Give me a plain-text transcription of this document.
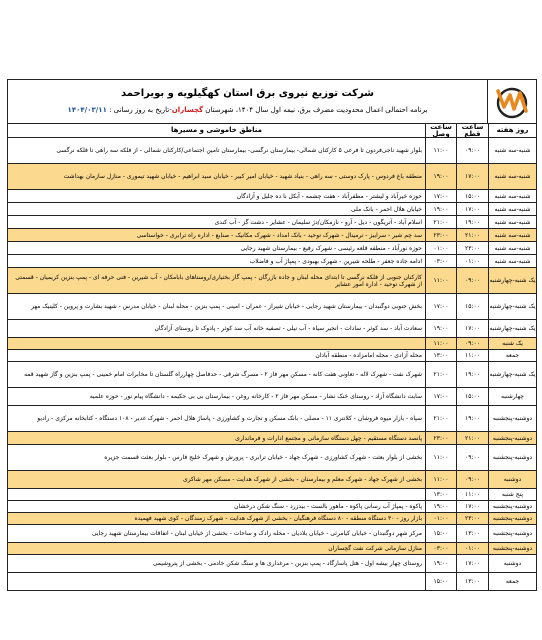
شرکت توزیع نیروی برق استان کهگیلویه و بویراحمد
برنامه احتمالی اعمال محدودیت مصرف برق، نیمه اول سال ۱۴۰۴، شهرستان گچساران-تاریخ به روز رسانی : ۱۴۰۴/۰۳/۱۱
روز هفته
ساعت قطع
ساعت وصل
مناطق خاموشی و مسیرها
شنبه-سه شنبه
۰۹:۰۰
۱۱:۰۰
بلوار شهید ناجی‌فردون تا فرعی ۵ کارکنان شمالی- بیمارستان نرگسی- بیمارستان تامین اجتماعی/کارکنان شمالی - از فلکه سه راهی تا فلکه نرگسی
شنبه-سه شنبه
۱۷:۰۰
۱۹:۰۰
منطقه باغ فردوس - پارک دوستی - سه راهی - بنیاد شهید - خیابان امیر کبیر - خیابان سید ابراهیم - خیابان شهید تیموری - منازل سازمان بهداشت
شنبه-سه شنبه
۱۵:۰۰
۱۷:۰۰
حوزه خیرآباد و لیشتر - مظفرآباد - هفت چشمه - آبکل نا ده جلیل و آزادگان
شنبه-سه شنبه
۱۷:۰۰
۱۹:۰۰
خیابان هلال احمر - بانک ملی
شنبه-سه شنبه
۱۹:۰۰
۲۱:۰۰
اسلام آباد - آتریگون - دیل - آرو - نازمکان/دژ سلیمان - عشایر - دشت گز - آب کندی
شنبه-سه شنبه
۲۱:۰۰
۲۳:۰۰
سد چم شیر - سرابیز - ترمینال - شهرک توحید - بانک امداد - شهرک مکانیک - صنایع - اداره راه ترابری - خواستاسی
شنبه-سه شنبه
۲۳:۰۰
۰۱:۰۰
حوزه نورآباد - منطقه قلعه رئیسی - شهرک رفیع - بیمارستان شهید رجایی
شنبه-سه شنبه
۰۱:۰۰
۰۳:۰۰
ادامه جاده جعفر - طلحه شیرین - شهرک بهبودی - پمپاژ آب و فاضلاب
یک شنبه-چهارشنبه
۰۹:۰۰
۱۱:۰۰
کارکنان جنوبی از فلکه نرگسی تا ابتدای محله لبنان و جاده بازرگان - پمپ گاز بختیاری/روستاهای بابامکان - آب شیرین - فنی حرفه ای - پمپ بنزین کریمیان - قسمتی از شهرک توحید - اداره امور عشایر
یک شنبه-چهارشنبه
۱۵:۰۰
۱۷:۰۰
بخش جنوبی دوگنبدان - بیمارستان شهید رجایی - خیابان شیراز - عمران - امینی - پمپ بنزین - محله لبنان - خیابان مدرس - شهید بشارت و پروین - کلینیک مهر
یک شنبه-چهارشنبه
۱۷:۰۰
۱۹:۰۰
سعادت آباد - سد کوثر - سادات - انجیر سیاه - آب نیلی - تصفیه خانه آب سد کوثر - پادوک تا روستای آزادگان
یک شنبه
۰۹:۰۰
۱۱:۰۰
جمعه
۱۱:۰۰
۱۳:۰۰
محله آزادی - محله امامزاده - منطقه آبادان
یک شنبه-چهارشنبه
۱۹:۰۰
۲۱:۰۰
شهرک نفت - شهرک لاله - تعاونی هفت کانه - مسکن مهر فاز ۲ - مسرگ شرقی - حدفاصل چهارراه گلستان تا مخابرات امام خمینی - پمپ بنزین و گاز شهید قمه
چهارشنبه
۱۵:۰۰
۱۷:۰۰
سایت دانشگاه آزاد - روستای خنک نشار - مسکن مهر فاز ۲ - کارخانه روغن - بیمارستان بی بی حکیمه - دانشگاه پیام نور - حوزه علمیه
دوشنبه-پنجشنبه
۱۹:۰۰
۲۱:۰۰
سپاه - بازار میوه فروشان - کلانتری ۱۱ - مصلی - بانک مسکن و تجارت و کشاورزی - پاساژ هلال احمر - شهرک غدیر - ۱۰۸ دستگاه - کتابخانه مرکزی - رادیو
دوشنبه-پنجشنبه
۲۱:۰۰
۲۳:۰۰
پانصد دستگاه مستقیم - چهل دستگاه سازمانی و مجتمع ادارات و فرمانداری
دوشنبه-پنجشنبه
۰۹:۰۰
۱۱:۰۰
بخشی از بلوار بعثت - شهرک کشاورزی - شهرک جهاد - خیابان ترابری - پرورش و شهرک خلیج فارس - بلوار بعثت قسمت جزیره
دوشنبه
۰۹:۰۰
۱۱:۰۰
بخشی از شهرک جهاد - شهرک معلم و بیمارستان - بخشی از شهرک هدایت - مسکن مهر شاکری
پنج شنبه
۱۱:۰۰
۱۳:۰۰
دوشنبه-پنجشنبه
۱۷:۰۰
۱۹:۰۰
پاکوه - پمپاژ آب رسانی پاکوه - ماهور بالست - بیدزرد - سنگ شکن درخشان
دوشنبه-پنجشنبه
۲۳:۰۰
۰۱:۰۰
بازار روز - ۳۰ دستگاه منطقه - ۸۰ دستگاه فرهنگیان - بخشی از شهرک هدایت - شهرک زمندگان - کوی شهید فهمیده
دوشنبه-پنجشنبه
۱۳:۰۰
۱۵:۰۰
مرکز شهر دوگنبدان - خیابان کیامرثی - خیابان بلادیان - محله رادک و ساحات - بخشی از خیابان لبنان - اتفاقات بیمارستان شهید رجایی
دوشنبه-پنجشنبه
۰۱:۰۰
۰۳:۰۰
منازل سازمانی شرکت نفت گچساران
دوشنبه
۱۷:۰۰
۱۹:۰۰
روستای چهار بیشه اول - هتل پاسارگاد - پمپ بنزین - مرغداری ها و سنگ شکن خادمی - بخشی از پتروشیمی
جمعه
۱۳:۰۰
۱۵:۰۰
